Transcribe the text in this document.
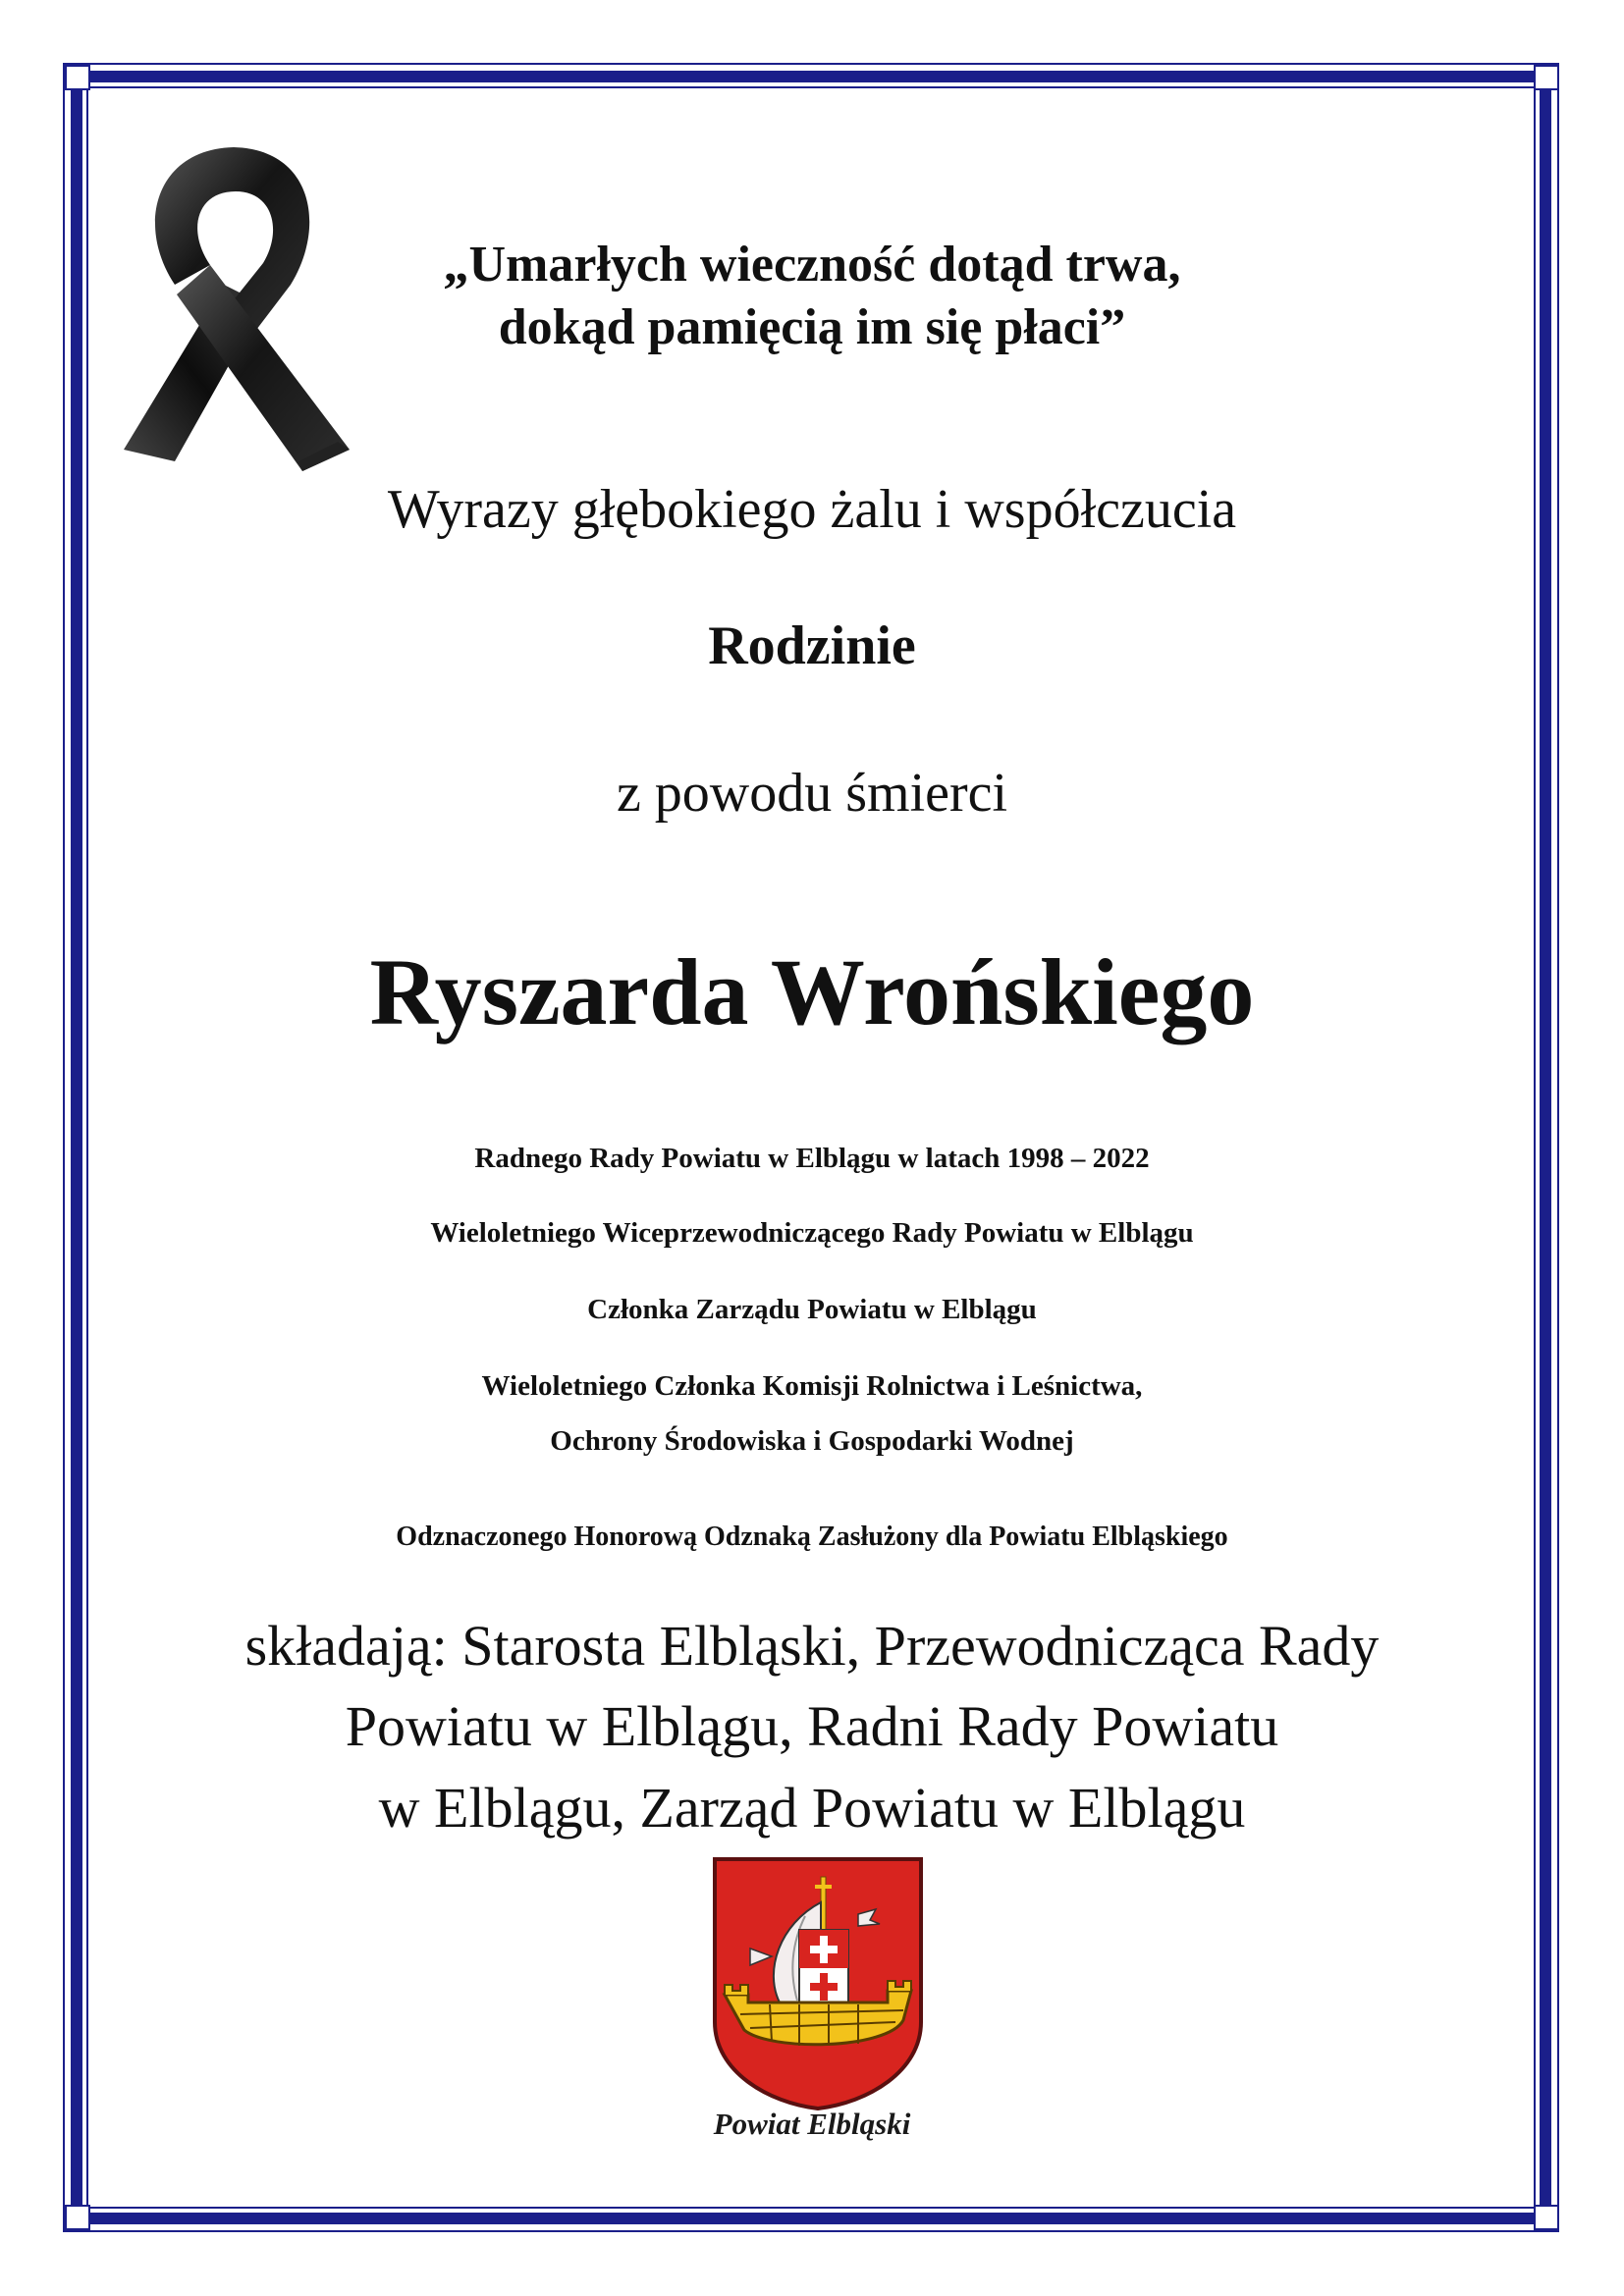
„Umarłych wieczność dotąd trwa,

dokąd pamięcią im się płaci”

Wyrazy głębokiego żalu i współczucia

Rodzinie

z powodu śmierci

Ryszarda Wrońskiego

Radnego Rady Powiatu w Elblągu w latach 1998 – 2022

Wieloletniego Wiceprzewodniczącego Rady Powiatu w Elblągu

Członka Zarządu Powiatu w Elblągu

Wieloletniego Członka Komisji Rolnictwa i Leśnictwa,

Ochrony Środowiska i Gospodarki Wodnej

Odznaczonego Honorową Odznaką Zasłużony dla Powiatu Elbląskiego

składają: Starosta Elbląski, Przewodnicząca Rady

Powiatu w Elblągu, Radni Rady Powiatu

w Elblągu, Zarząd Powiatu w Elblągu

Powiat Elbląski
